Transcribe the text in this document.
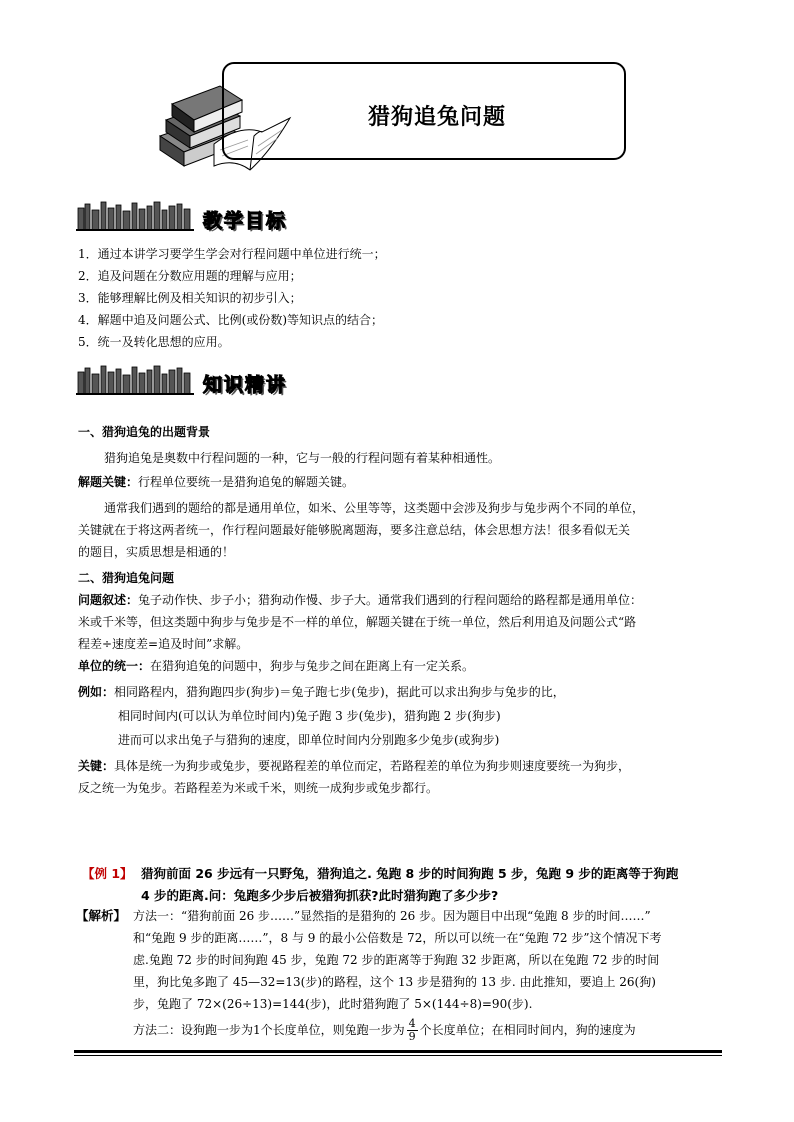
猎狗追兔问题
教学目标
1．通过本讲学习要学生学会对行程问题中单位进行统一；
2．追及问题在分数应用题的理解与应用；
3．能够理解比例及相关知识的初步引入；
4．解题中追及问题公式、比例(或份数)等知识点的结合；
5．统一及转化思想的应用。
知识精讲
一、猎狗追兔的出题背景
猎狗追兔是奥数中行程问题的一种，它与一般的行程问题有着某种相通性。
解题关键：行程单位要统一是猎狗追兔的解题关键。
通常我们遇到的题给的都是通用单位，如米、公里等等，这类题中会涉及狗步与兔步两个不同的单位，
关键就在于将这两者统一，作行程问题最好能够脱离题海，要多注意总结，体会思想方法！很多看似无关
的题目，实质思想是相通的！
二、猎狗追兔问题
问题叙述：兔子动作快、步子小；猎狗动作慢、步子大。通常我们遇到的行程问题给的路程都是通用单位：
米或千米等，但这类题中狗步与兔步是不一样的单位，解题关键在于统一单位，然后利用追及问题公式“路
程差÷速度差=追及时间”求解。
单位的统一：在猎狗追兔的问题中，狗步与兔步之间在距离上有一定关系。
例如：相同路程内，猎狗跑四步(狗步)＝兔子跑七步(兔步)，据此可以求出狗步与兔步的比，
相同时间内(可以认为单位时间内)兔子跑 3 步(兔步)，猎狗跑 2 步(狗步)
进而可以求出兔子与猎狗的速度，即单位时间内分别跑多少兔步(或狗步)
关键：具体是统一为狗步或兔步，要视路程差的单位而定，若路程差的单位为狗步则速度要统一为狗步，
反之统一为兔步。若路程差为米或千米，则统一成狗步或兔步都行。
【例 1】 猎狗前面 26 步远有一只野兔，猎狗追之. 兔跑 8 步的时间狗跑 5 步，兔跑 9 步的距离等于狗跑
4 步的距离.问：兔跑多少步后被猎狗抓获?此时猎狗跑了多少步?
【解析】 方法一：“猎狗前面 26 步……”显然指的是猎狗的 26 步。因为题目中出现“兔跑 8 步的时间……”
和“兔跑 9 步的距离……”，8 与 9 的最小公倍数是 72，所以可以统一在“兔跑 72 步”这个情况下考
虑.兔跑 72 步的时间狗跑 45 步，兔跑 72 步的距离等于狗跑 32 步距离，所以在兔跑 72 步的时间
里，狗比兔多跑了 45—32=13(步)的路程，这个 13 步是猎狗的 13 步. 由此推知，要追上 26(狗)
步，兔跑了 72×(26÷13)=144(步)，此时猎狗跑了 5×(144÷8)=90(步).
方法二：设狗跑一步为1个长度单位，则兔跑一步为 $\frac{4}{9}$ 个长度单位；在相同时间内，狗的速度为
